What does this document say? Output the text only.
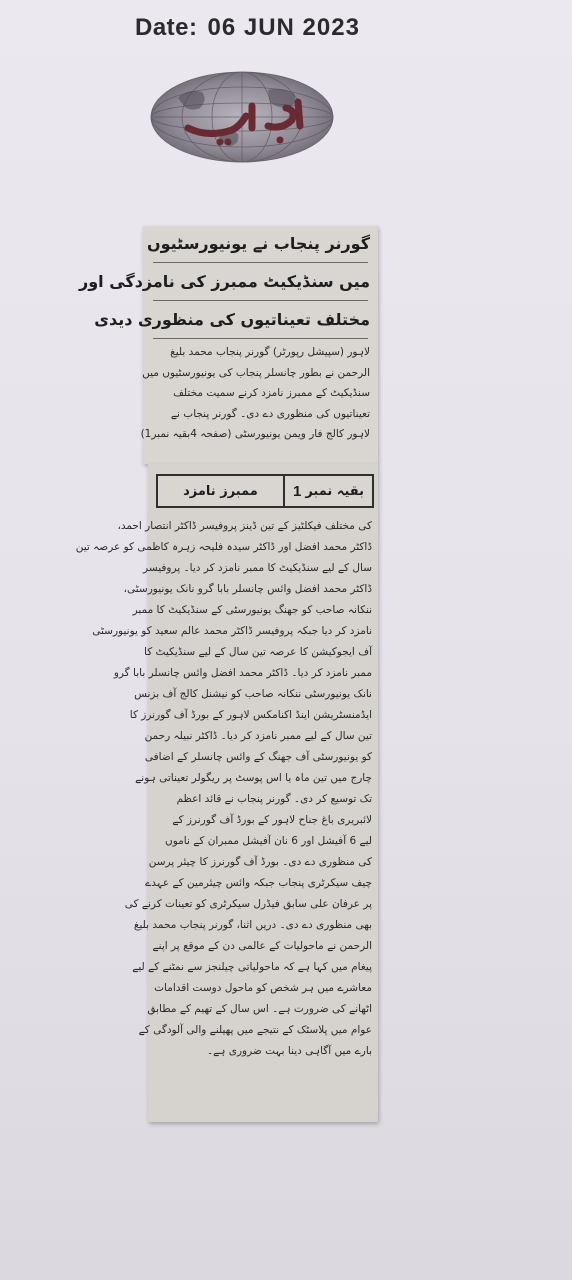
Date: 06 JUN 2023
گورنر پنجاب نے یونیورسٹیوں
میں سنڈیکیٹ ممبرز کی نامزدگی اور
مختلف تعیناتیوں کی منظوری دیدی
لاہور (سپیشل رپورٹر) گورنر پنجاب محمد بلیغ
الرحمن نے بطور چانسلر پنجاب کی یونیورسٹیوں میں
سنڈیکیٹ کے ممبرز نامزد کرنے سمیت مختلف
تعیناتیوں کی منظوری دے دی۔ گورنر پنجاب نے
لاہور کالج فار ویمن یونیورسٹی (صفحہ 4بقیہ نمبر1)
بقیہ نمبر
1
ممبرز نامزد
کی مختلف فیکلٹیز کے تین ڈینز پروفیسر ڈاکٹر انتصار احمد،
ڈاکٹر محمد افضل اور ڈاکٹر سیدہ فلیحہ زہرہ کاظمی کو عرصہ تین
سال کے لیے سنڈیکیٹ کا ممبر نامزد کر دیا۔ پروفیسر
ڈاکٹر محمد افضل وائس چانسلر بابا گرو نانک یونیورسٹی،
ننکانہ صاحب کو جھنگ یونیورسٹی کے سنڈیکیٹ کا ممبر
نامزد کر دیا جبکہ پروفیسر ڈاکٹر محمد عالم سعید کو یونیورسٹی
آف ایجوکیشن کا عرصہ تین سال کے لیے سنڈیکیٹ کا
ممبر نامزد کر دیا۔ ڈاکٹر محمد افضل وائس چانسلر بابا گرو
نانک یونیورسٹی ننکانہ صاحب کو نیشنل کالج آف بزنس
ایڈمنسٹریشن اینڈ اکنامکس لاہور کے بورڈ آف گورنرز کا
تین سال کے لیے ممبر نامزد کر دیا۔ ڈاکٹر نبیلہ رحمن
کو یونیورسٹی آف جھنگ کے وائس چانسلر کے اضافی
چارج میں تین ماہ یا اس پوسٹ پر ریگولر تعیناتی ہونے
تک توسیع کر دی۔ گورنر پنجاب نے قائد اعظم
لائبریری باغ جناح لاہور کے بورڈ آف گورنرز کے
لیے 6 آفیشل اور 6 نان آفیشل ممبران کے ناموں
کی منظوری دے دی۔ بورڈ آف گورنرز کا چیئر پرسن
چیف سیکرٹری پنجاب جبکہ وائس چیئرمین کے عہدے
پر عرفان علی سابق فیڈرل سیکرٹری کو تعینات کرنے کی
بھی منظوری دے دی۔ دریں اثنا، گورنر پنجاب محمد بلیغ
الرحمن نے ماحولیات کے عالمی دن کے موقع پر اپنے
پیغام میں کہا ہے کہ ماحولیاتی چیلنجز سے نمٹنے کے لیے
معاشرے میں ہر شخص کو ماحول دوست اقدامات
اٹھانے کی ضرورت ہے۔ اس سال کے تھیم کے مطابق
عوام میں پلاسٹک کے نتیجے میں پھیلنے والی آلودگی کے
بارے میں آگاہی دینا بہت ضروری ہے۔
